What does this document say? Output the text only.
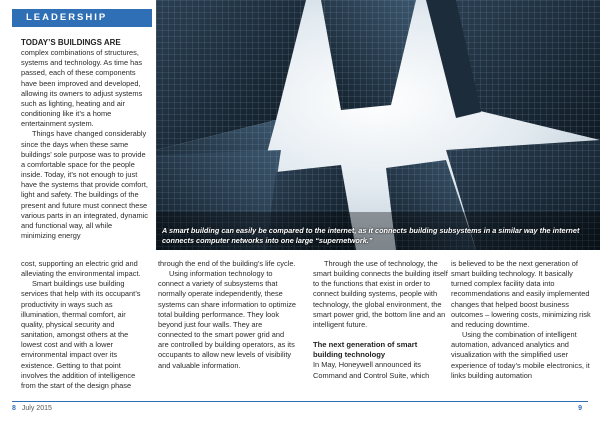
LEADERSHIP

TODAY’S BUILDINGS ARE
complex combinations of structures, systems and technology. As time has passed, each of these components have been improved and developed, allowing its owners to adjust systems such as lighting, heating and air conditioning like it’s a home entertainment system.

Things have changed considerably since the days when these same buildings’ sole purpose was to provide a comfortable space for the people inside. Today, it’s not enough to just have the systems that provide comfort, light and safety. The buildings of the present and future must connect these various parts in an integrated, dynamic and functional way, all while minimizing energy

A smart building can easily be compared to the internet, as it connects building subsystems in a similar way the internet connects computer networks into one large “supernetwork.”

cost, supporting an electric grid and alleviating the environmental impact.

Smart buildings use building services that help with its occupant’s productivity in ways such as illumination, thermal comfort, air quality, physical security and sanitation, amongst others at the lowest cost and with a lower environmental impact over its existence. Getting to that point involves the addition of intelligence from the start of the design phase

through the end of the building’s life cycle.

Using information technology to connect a variety of subsystems that normally operate independently, these systems can share information to optimize total building performance. They look beyond just four walls. They are connected to the smart power grid and are controlled by building operators, as its occupants to allow new levels of visibility and valuable information.

Through the use of technology, the smart building connects the building itself to the functions that exist in order to connect building systems, people with technology, the global environment, the smart power grid, the bottom line and an intelligent future.

The next generation of smart building technology

In May, Honeywell announced its Command and Control Suite, which

is believed to be the next generation of smart building technology. It basically turned complex facility data into recommendations and easily implemented changes that helped boost business outcomes – lowering costs, minimizing risk and reducing downtime.

Using the combination of intelligent automation, advanced analytics and visualization with the simplified user experience of today’s mobile electronics, it links building automation

8 July 2015	9
